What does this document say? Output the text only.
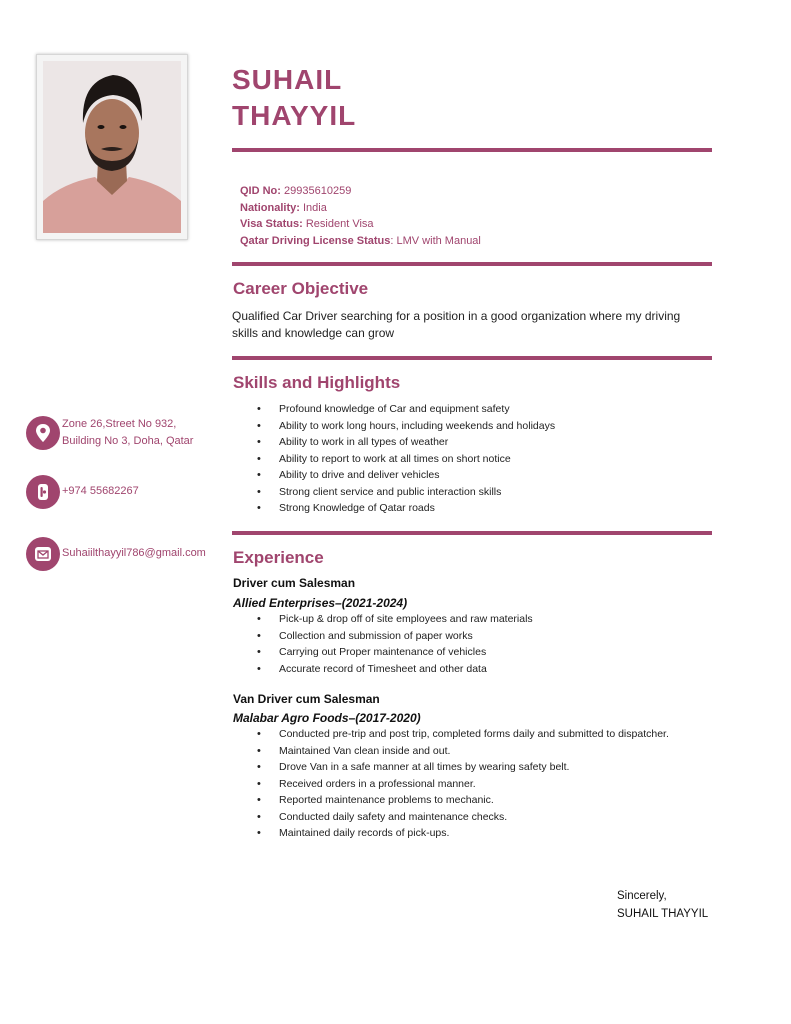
SUHAIL
THAYYIL
QID No: 29935610259
Nationality: India
Visa Status: Resident Visa
Qatar Driving License Status: LMV with Manual
Career Objective

Qualified Car Driver searching for a position in a good organization where my driving skills and knowledge can grow

Skills and Highlights
• Profound knowledge of Car and equipment safety
• Ability to work long hours, including weekends and holidays
• Ability to work in all types of weather
• Ability to report to work at all times on short notice
• Ability to drive and deliver vehicles
• Strong client service and public interaction skills
• Strong Knowledge of Qatar roads
Zone 26,Street No 932,
Building No 3, Doha, Qatar
+974 55682267
Suhaiilthayyil786@gmail.com Experience
Driver cum Salesman
Allied Enterprises–(2021-2024)
• Pick-up & drop off of site employees and raw materials
• Collection and submission of paper works
• Carrying out Proper maintenance of vehicles
• Accurate record of Timesheet and other data
Van Driver cum Salesman
Malabar Agro Foods–(2017-2020)
• Conducted pre-trip and post trip, completed forms daily and submitted to dispatcher.
• Maintained Van clean inside and out.
• Drove Van in a safe manner at all times by wearing safety belt.
• Received orders in a professional manner.
• Reported maintenance problems to mechanic.
• Conducted daily safety and maintenance checks.
• Maintained daily records of pick-ups.
Sincerely,
SUHAIL THAYYIL
